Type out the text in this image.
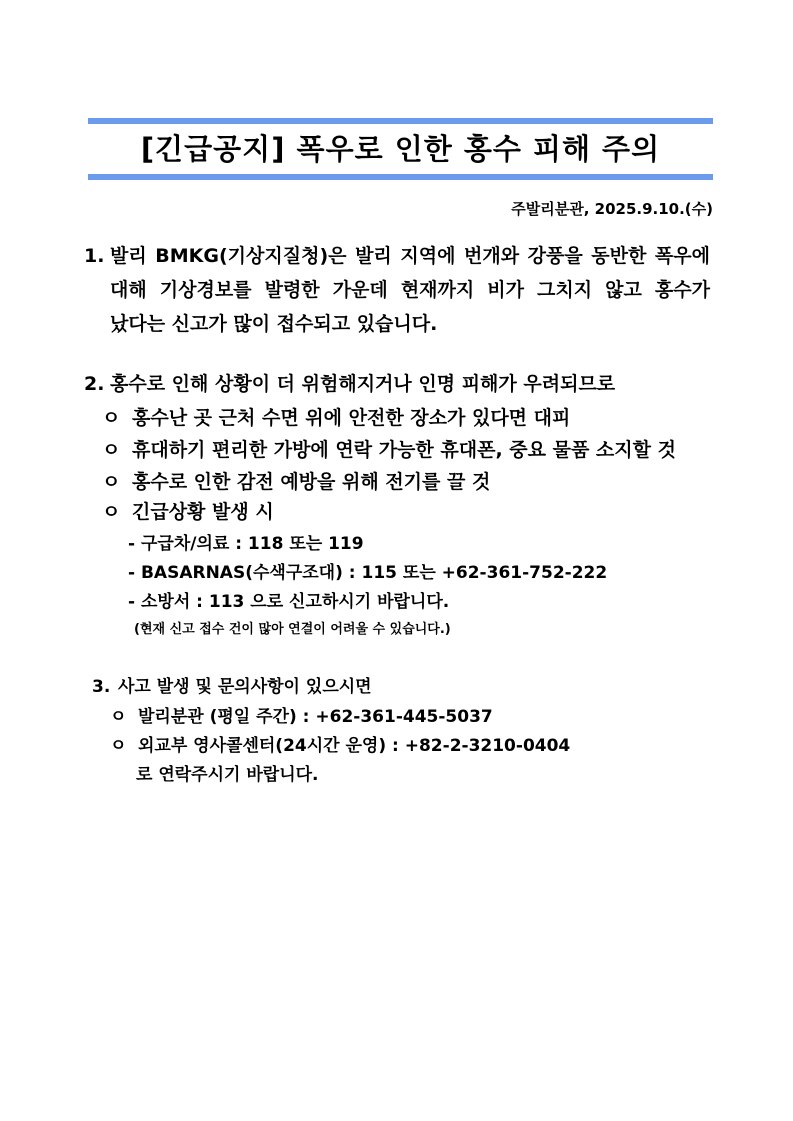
[긴급공지] 폭우로 인한 홍수 피해 주의
주발리분관, 2025.9.10.(수)
1. 발리 BMKG(기상지질청)은 발리 지역에 번개와 강풍을 동반한 폭우에
대해 기상경보를 발령한 가운데 현재까지 비가 그치지 않고 홍수가
났다는 신고가 많이 접수되고 있습니다.
2. 홍수로 인해 상황이 더 위험해지거나 인명 피해가 우려되므로
ㅇ 홍수난 곳 근처 수면 위에 안전한 장소가 있다면 대피
ㅇ 휴대하기 편리한 가방에 연락 가능한 휴대폰, 중요 물품 소지할 것
ㅇ 홍수로 인한 감전 예방을 위해 전기를 끌 것
ㅇ 긴급상황 발생 시
- 구급차/의료 : 118 또는 119
- BASARNAS(수색구조대) : 115 또는 +62-361-752-222
- 소방서 : 113 으로 신고하시기 바랍니다.
(현재 신고 접수 건이 많아 연결이 어려울 수 있습니다.)
3. 사고 발생 및 문의사항이 있으시면
ㅇ 발리분관 (평일 주간) : +62-361-445-5037
ㅇ 외교부 영사콜센터(24시간 운영) : +82-2-3210-0404
로 연락주시기 바랍니다.
